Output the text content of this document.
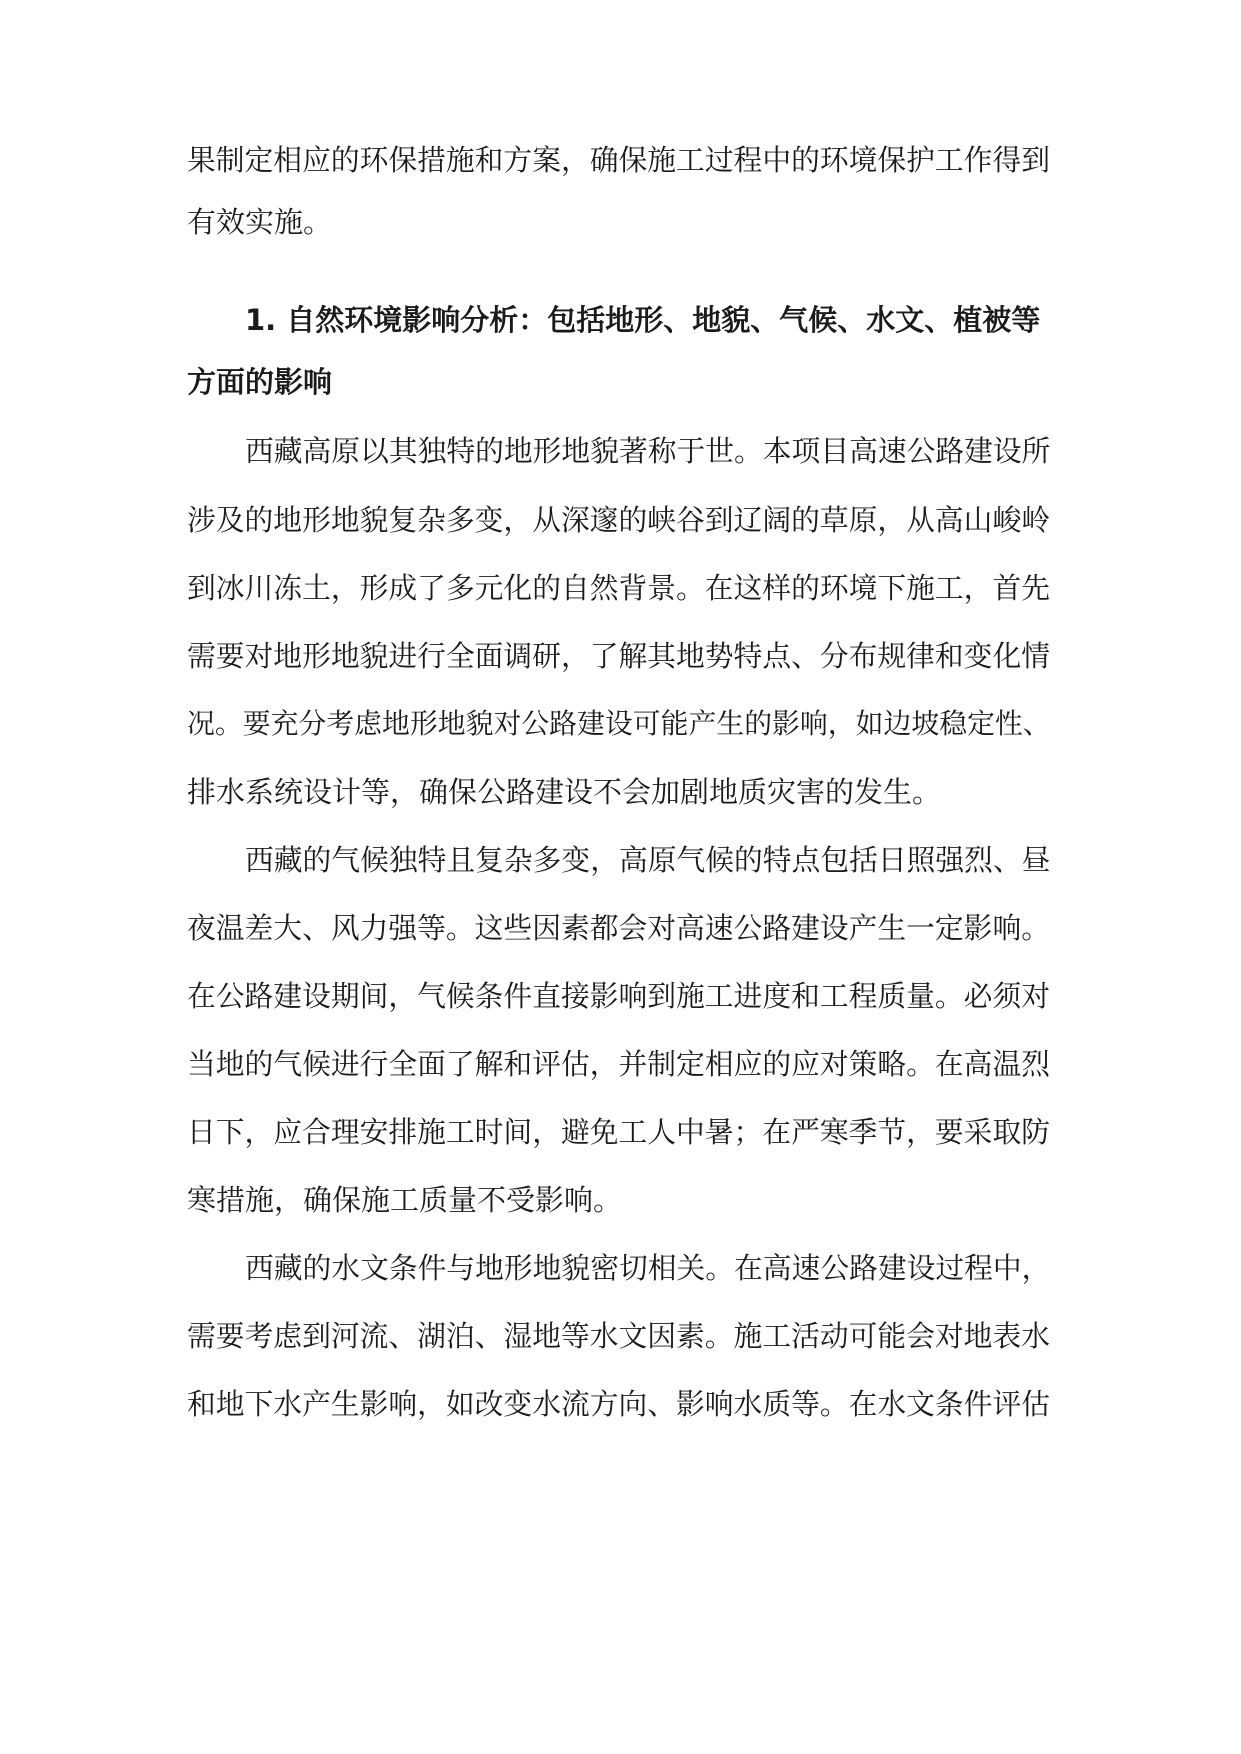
果制定相应的环保措施和方案，确保施工过程中的环境保护工作得到
有效实施。
1. 自然环境影响分析：包括地形、地貌、气候、水文、植被等
方面的影响
西藏高原以其独特的地形地貌著称于世。本项目高速公路建设所
涉及的地形地貌复杂多变，从深邃的峡谷到辽阔的草原，从高山峻岭
到冰川冻土，形成了多元化的自然背景。在这样的环境下施工，首先
需要对地形地貌进行全面调研，了解其地势特点、分布规律和变化情
况。要充分考虑地形地貌对公路建设可能产生的影响，如边坡稳定性、
排水系统设计等，确保公路建设不会加剧地质灾害的发生。
西藏的气候独特且复杂多变，高原气候的特点包括日照强烈、昼
夜温差大、风力强等。这些因素都会对高速公路建设产生一定影响。
在公路建设期间，气候条件直接影响到施工进度和工程质量。必须对
当地的气候进行全面了解和评估，并制定相应的应对策略。在高温烈
日下，应合理安排施工时间，避免工人中暑；在严寒季节，要采取防
寒措施，确保施工质量不受影响。
西藏的水文条件与地形地貌密切相关。在高速公路建设过程中，
需要考虑到河流、湖泊、湿地等水文因素。施工活动可能会对地表水
和地下水产生影响，如改变水流方向、影响水质等。在水文条件评估
